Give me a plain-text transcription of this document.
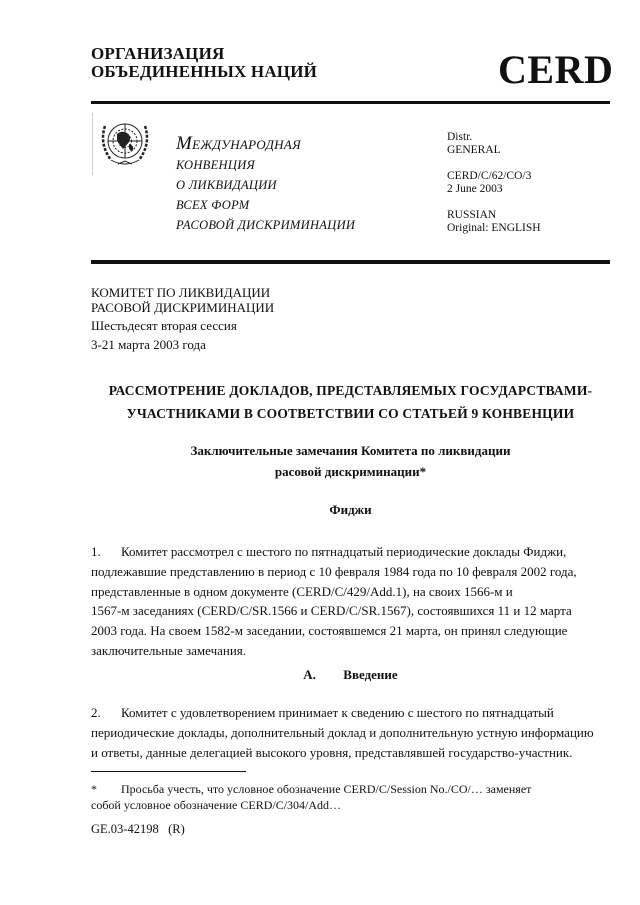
ОРГАНИЗАЦИЯ
ОБЪЕДИНЕННЫХ НАЦИЙ	CERD
МЕЖДУНАРОДНАЯ
КОНВЕНЦИЯ
О ЛИКВИДАЦИИ
ВСЕХ ФОРМ
РАСОВОЙ ДИСКРИМИНАЦИИ
Distr.
GENERAL
CERD/C/62/CO/3
2 June 2003
RUSSIAN
Original: ENGLISH
КОМИТЕТ ПО ЛИКВИДАЦИИ
РАСОВОЙ ДИСКРИМИНАЦИИ
Шестьдесят вторая сессия
3-21 марта 2003 года
РАССМОТРЕНИЕ ДОКЛАДОВ, ПРЕДСТАВЛЯЕМЫХ ГОСУДАРСТВАМИ-
УЧАСТНИКАМИ В СООТВЕТСТВИИ СО СТАТЬЕЙ 9 КОНВЕНЦИИ
Заключительные замечания Комитета по ликвидации
расовой дискриминации*
Фиджи
1. Комитет рассмотрел с шестого по пятнадцатый периодические доклады Фиджи,
подлежавшие представлению в период с 10 февраля 1984 года по 10 февраля 2002 года,
представленные в одном документе (CERD/C/429/Add.1), на своих 1566-м и
1567-м заседаниях (CERD/C/SR.1566 и CERD/C/SR.1567), состоявшихся 11 и 12 марта
2003 года. На своем 1582-м заседании, состоявшемся 21 марта, он принял следующие
заключительные замечания.
A. Введение
2. Комитет с удовлетворением принимает к сведению с шестого по пятнадцатый
периодические доклады, дополнительный доклад и дополнительную устную информацию
и ответы, данные делегацией высокого уровня, представлявшей государство-участник.
* Просьба учесть, что условное обозначение CERD/C/Session No./CO/… заменяет
собой условное обозначение CERD/C/304/Add…
GE.03-42198   (R)
